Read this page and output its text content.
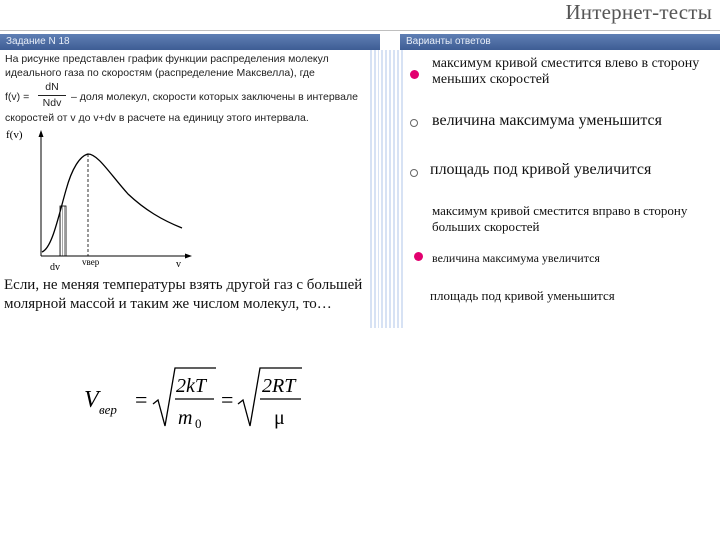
Интернет-тесты
Задание N 18
На рисунке представлен график функции распределения молекул идеального газа по скоростям (распределение Максвелла), где
f(v) =
dN
Ndv – доля молекул, скорости которых заключены в интервале
скоростей от v до v+dv в расчете на единицу этого интервала.
f(v)
dv vвер	v
Если, не меняя температуры взять другой газ с большей молярной массой и таким же числом молекул, то…
Варианты ответов
максимум кривой сместится влево в сторону меньших скоростей
величина максимума уменьшится
площадь под кривой увеличится
максимум кривой сместится вправо в сторону больших скоростей
величина максимума увеличится
площадь под кривой уменьшится
V вер =
2kT
m 0
=
2RT
μ
